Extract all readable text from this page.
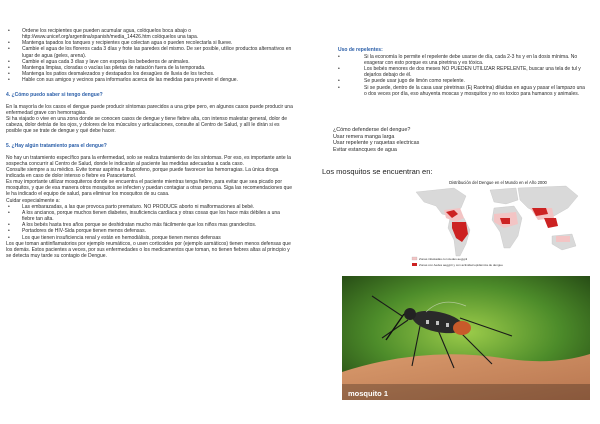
•	Ordene los recipientes que pueden acumular agua, colóquelos boca abajo o http://www.unicef.org/argentina/spanish/media_14426.htm colóquelos una tapa.
•	Mantenga tapados los tanques y recipientes que colectan agua o pueden recolectarla si llueve.
•	Cambie el agua de los floreros cada 3 días y frote las paredes del mismo. De ser posible, utilice productos alternativos en lugar de agua (geles, arena).
•	Cambie el agua cada 3 días y lave con esponja los bebederos de animales.
•	Mantenga limpias, cloradas o vacías las piletas de natación fuera de la temporada.
•	Mantenga los patios desmalezados y destapados los desagües de lluvia de los techos.
•	Hable con sus amigos y vecinos para informarlos acerca de las medidas para prevenir el dengue.
4. ¿Cómo puedo saber si tengo dengue?

En la mayoría de los casos el dengue puede producir síntomas parecidos a una gripe pero, en algunos casos puede producir una enfermedad grave con hemorragias.

Si ha viajado o vive en una zona donde se conocen casos de dengue y tiene fiebre alta, con intenso malestar general, dolor de cabeza, dolor detrás de los ojos, y dolores de los músculos y articulaciones, consulte al Centro de Salud, y allí le dirán si es posible que se trate de dengue y qué debe hacer.

5. ¿Hay algún tratamiento para el dengue?

No hay un tratamiento específico para la enfermedad, solo se realiza tratamiento de los síntomas. Por eso, es importante ante la sospecha concurrir al Centro de Salud, donde le indicarán al paciente las medidas adecuadas a cada caso.

Consulte siempre a su médico. Evite tomar aspirina e Ibuprofeno, porque puede favorecer las hemorragias. La única droga indicada en caso de dolor intenso o fiebre es Paracetamol.

Es muy importante utilizar mosquiteros donde se encuentra el paciente mientras tenga fiebre, para evitar que sea picado por mosquitos, y que de esa manera otros mosquitos se infecten y puedan contagiar a otras persona. Siga las recomendaciones que le ha indicado el equipo de salud, para eliminar los mosquitos de su casa.

Cuidar especialmente a:

•	Las embarazadas, a las que provoca parto prematuro. NO PRODUCE aborto ni malformaciones al bebé.
•	A los ancianos, porque muchos tienen diabetes, insuficiencia cardíaca y otras cosas que los hace más débiles a una fiebre tan alta.
•	A los bebés hasta tres años porque se deshidratan mucho más fácilmente que los niños mas grandecitos.
•	Portadores de HIV-Sida porque tienen menos defensas.
•	Los que tienen insuficiencia renal y están en hemodiálisis, porque tienen menos defensas

Los que toman antiinflamatorios por ejemplo reumáticos, o usen corticoides por (ejemplo asmáticos) tienen menos defensas que los demás. Estos pacientes a veces, por sus enfermedades o los medicamentos que toman, no tienen fiebres altas al principio y se detecta muy tarde su contagio de Dengue.

Uso de repelentes:
•	Si la economía lo permite el repelente debe usarse de día, cada 2-3 hs y en la dosis mínima. No exagerar con esto porque es una piretrina y es tóxica.
•	Los bebés menores de dos meses NO PUEDEN UTILIZAR REPELENTE, buscar una tela de tul y dejarlos debajo de él.
•	Se puede usar jugo de limón como repelente.
•	Si se puede, dentro de la casa usar piretrinas (Ej Raotrina) diluidas en agua y pasar el lampazo una o dos veces por día, eso ahuyenta moscas y mosquitos y no es toxico para humanos y animales.
¿Cómo defenderse del dengue?
Usar remera manga larga
Usar repelente y raquetas electricas
Evitar estancques de agua
Los mosquitos se encuentran en:
Distribución del Dengue en el Mundo en el Año 2000
Zonas infestadas con Aedes aegypti
Zonas con Aedes aegypti y con actividad epidémica de dengue
mosquito 1
